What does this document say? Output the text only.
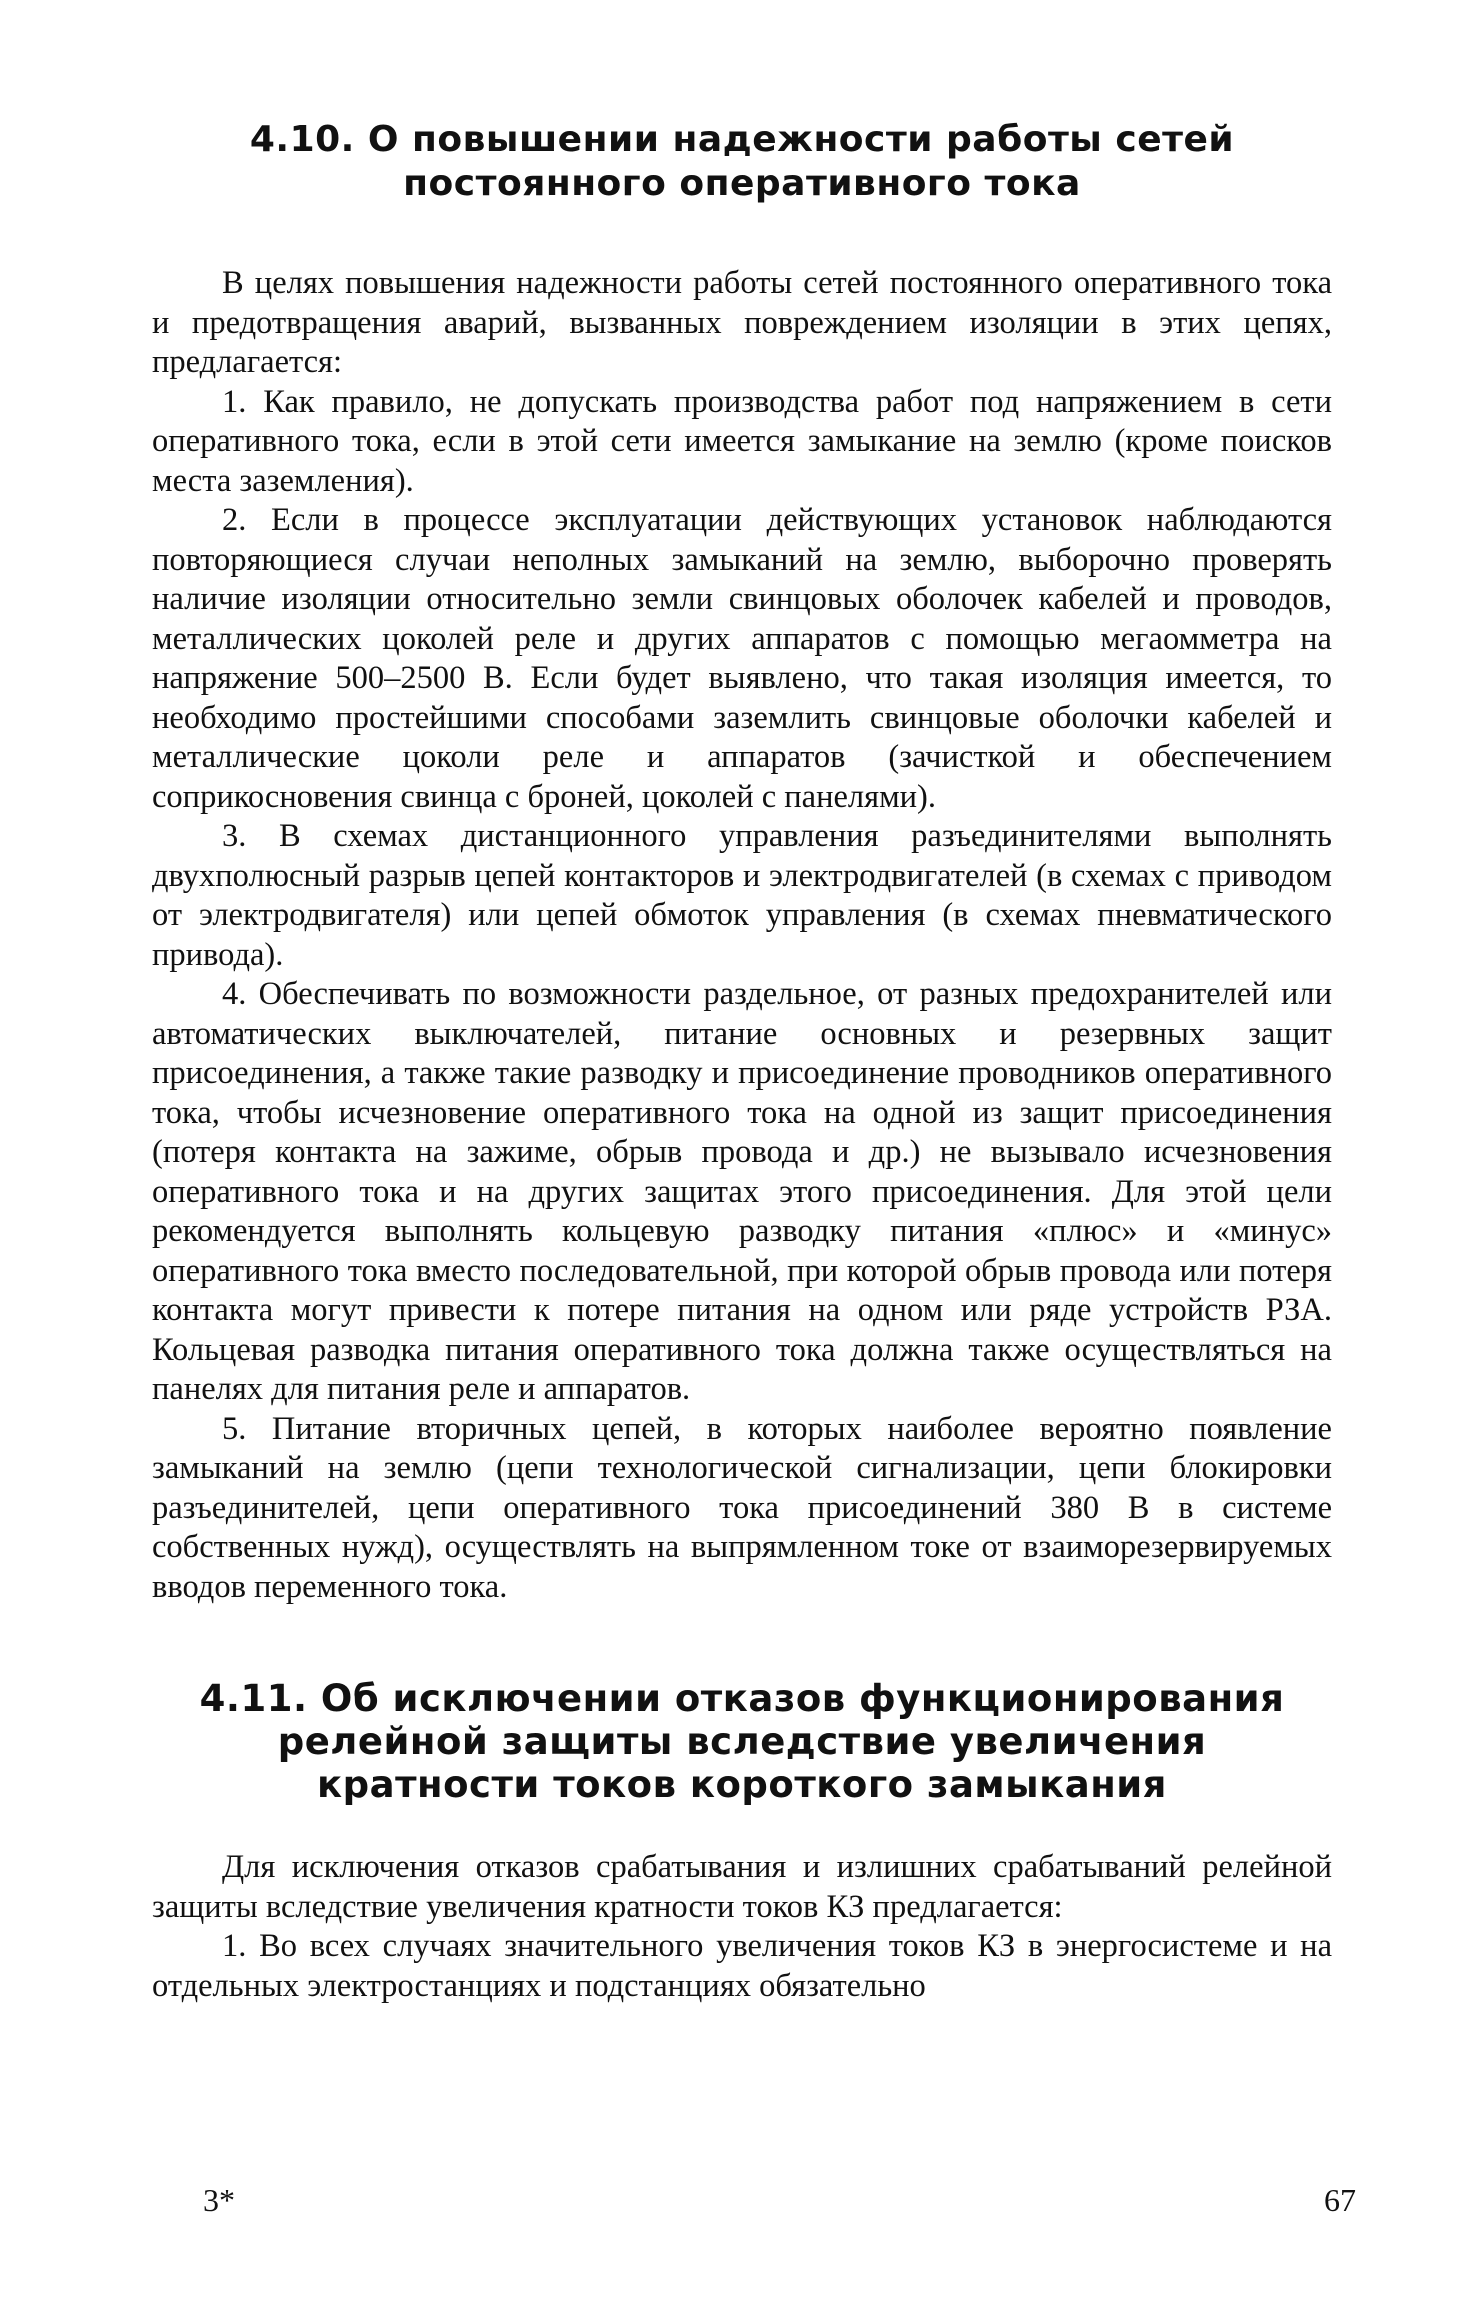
4.10. О повышении надежности работы сетей
постоянного оперативного тока

В целях повышения надежности работы сетей постоянного оперативного тока и предотвращения аварий, вызванных повреждением изоляции в этих цепях, предлагается:

1. Как правило, не допускать производства работ под напряжением в сети оперативного тока, если в этой сети имеется замыкание на землю (кроме поисков места заземления).

2. Если в процессе эксплуатации действующих установок наблюдаются повторяющиеся случаи неполных замыканий на землю, выборочно проверять наличие изоляции относительно земли свинцовых оболочек кабелей и проводов, металлических цоколей реле и других аппаратов с помощью мегаомметра на напряжение 500–2500 В. Если будет выявлено, что такая изоляция имеется, то необходимо простейшими способами заземлить свинцовые оболочки кабелей и металлические цоколи реле и аппаратов (зачисткой и обеспечением соприкосновения свинца с броней, цоколей с панелями).

3. В схемах дистанционного управления разъединителями выполнять двухполюсный разрыв цепей контакторов и электродвигателей (в схемах с приводом от электродвигателя) или цепей обмоток управления (в схемах пневматического привода).

4. Обеспечивать по возможности раздельное, от разных предохранителей или автоматических выключателей, питание основных и резервных защит присоединения, а также такие разводку и присоединение проводников оперативного тока, чтобы исчезновение оперативного тока на одной из защит присоединения (потеря контакта на зажиме, обрыв провода и др.) не вызывало исчезновения оперативного тока и на других защитах этого присоединения. Для этой цели рекомендуется выполнять кольцевую разводку питания «плюс» и «минус» оперативного тока вместо последовательной, при которой обрыв провода или потеря контакта могут привести к потере питания на одном или ряде устройств РЗА. Кольцевая разводка питания оперативного тока должна также осуществляться на панелях для питания реле и аппаратов.

5. Питание вторичных цепей, в которых наиболее вероятно появление замыканий на землю (цепи технологической сигнализации, цепи блокировки разъединителей, цепи оперативного тока присоединений 380 В в системе собственных нужд), осуществлять на выпрямленном токе от взаиморезервируемых вводов переменного тока.

4.11. Об исключении отказов функционирования
релейной защиты вследствие увеличения
кратности токов короткого замыкания

Для исключения отказов срабатывания и излишних срабатываний релейной защиты вследствие увеличения кратности токов КЗ предлагается:

1. Во всех случаях значительного увеличения токов КЗ в энергосистеме и на отдельных электростанциях и подстанциях обязательно

3*	67
